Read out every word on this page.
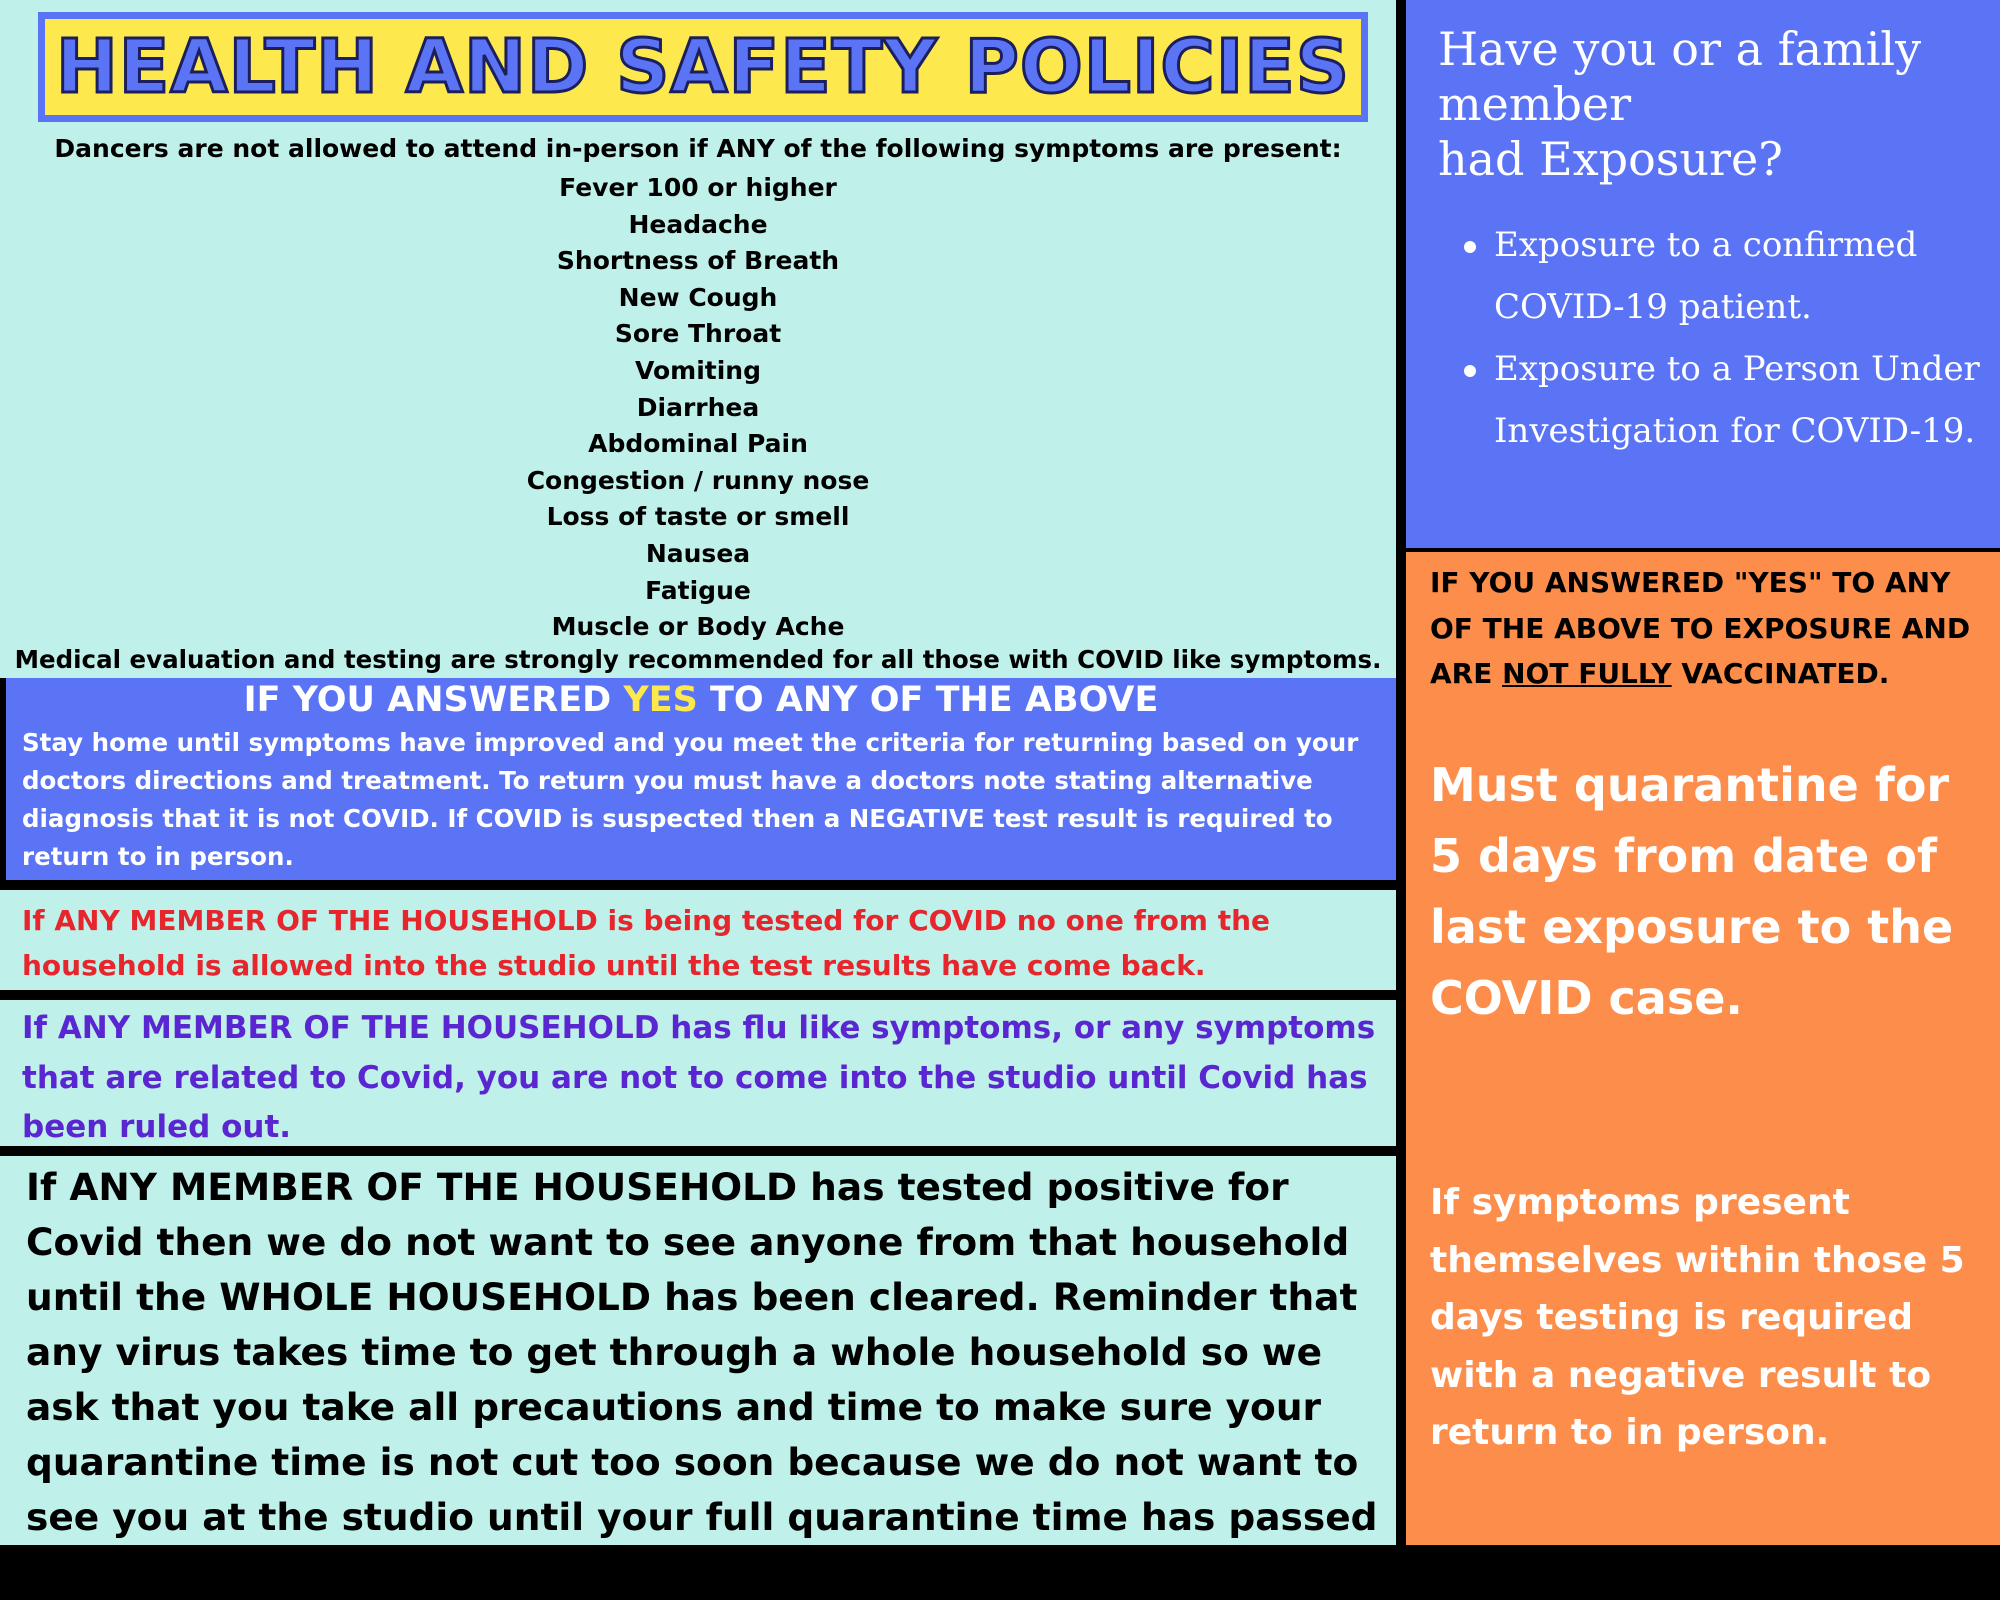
HEALTH AND SAFETY POLICIES
Dancers are not allowed to attend in-person if ANY of the following symptoms are present:
Fever 100 or higher
Headache
Shortness of Breath
New Cough
Sore Throat
Vomiting
Diarrhea
Abdominal Pain
Congestion / runny nose
Loss of taste or smell
Nausea
Fatigue
Muscle or Body Ache
Medical evaluation and testing are strongly recommended for all those with COVID like symptoms.
IF YOU ANSWERED YES TO ANY OF THE ABOVE
Stay home until symptoms have improved and you meet the criteria for returning based on your doctors directions and treatment. To return you must have a doctors note stating alternative diagnosis that it is not COVID. If COVID is suspected then a NEGATIVE test result is required to return to in person.
If ANY MEMBER OF THE HOUSEHOLD is being tested for COVID no one from the household is allowed into the studio until the test results have come back.
If ANY MEMBER OF THE HOUSEHOLD has flu like symptoms, or any symptoms that are related to Covid, you are not to come into the studio until Covid has been ruled out.
If ANY MEMBER OF THE HOUSEHOLD has tested positive for Covid then we do not want to see anyone from that household until the WHOLE HOUSEHOLD has been cleared. Reminder that any virus takes time to get through a whole household so we ask that you take all precautions and time to make sure your quarantine time is not cut too soon because we do not want to see you at the studio until your full quarantine time has passed for the household.
Have you or a family member
had Exposure?
Exposure to a confirmed COVID-19 patient.
Exposure to a Person Under Investigation for COVID-19.
IF YOU ANSWERED "YES" TO ANY OF THE ABOVE TO EXPOSURE AND ARE NOT FULLY VACCINATED.
Must quarantine for 5 days from date of last exposure to the COVID case.
If symptoms present themselves within those 5 days testing is required with a negative result to return to in person.
